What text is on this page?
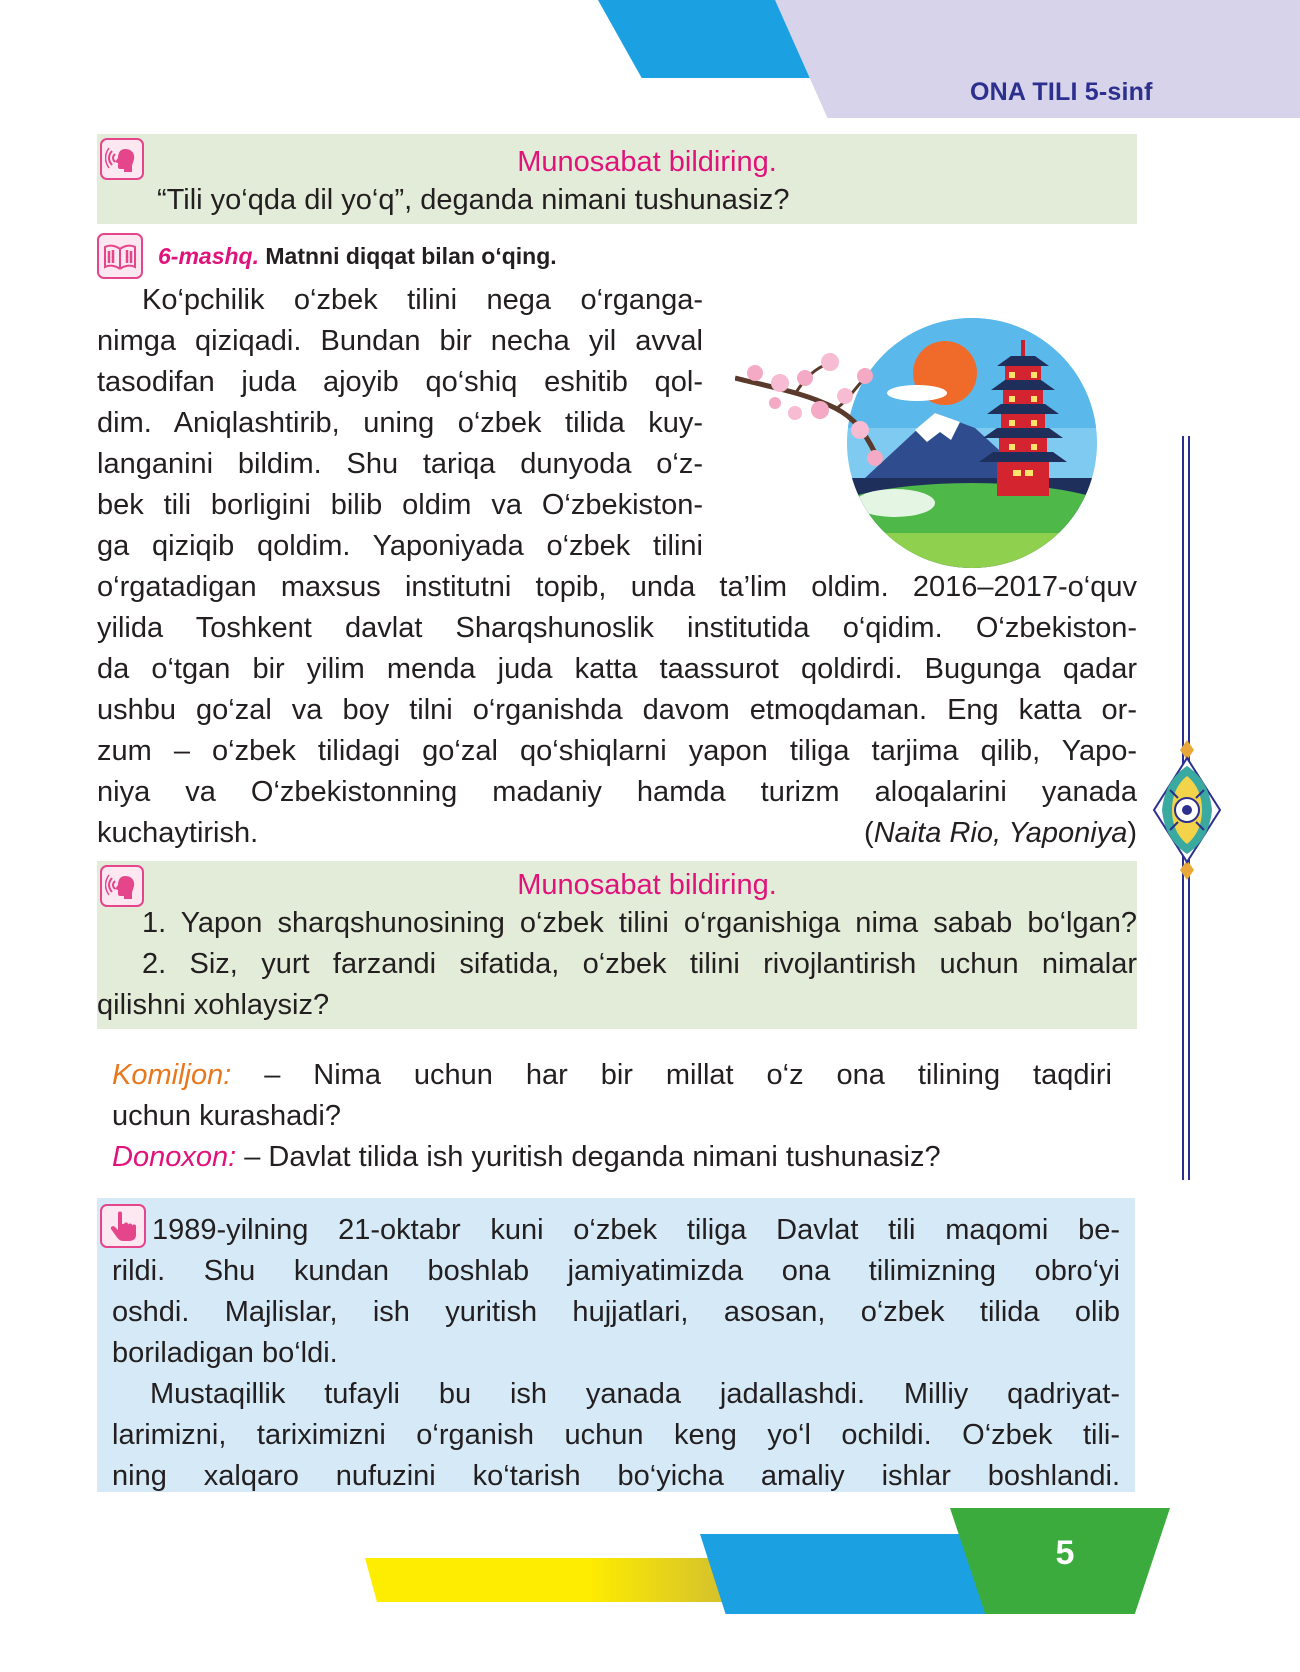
ONA TILI 5-sinf
Munosabat bildiring.
“Tili yo‘qda dil yo‘q”, deganda nimani tushunasiz?
6-mashq. Matnni diqqat bilan o‘qing.
Ko‘pchilik o‘zbek tilini nega o‘rganga-
nimga qiziqadi. Bundan bir necha yil avval
tasodifan juda ajoyib qo‘shiq eshitib qol-
dim. Aniqlashtirib, uning o‘zbek tilida kuy-
langanini bildim. Shu tariqa dunyoda o‘z-
bek tili borligini bilib oldim va O‘zbekiston-
ga qiziqib qoldim. Yaponiyada o‘zbek tilini
o‘rgatadigan maxsus institutni topib, unda ta’lim oldim. 2016–2017-o‘quv
yilida Toshkent davlat Sharqshunoslik institutida o‘qidim. O‘zbekiston-
da o‘tgan bir yilim menda juda katta taassurot qoldirdi. Bugunga qadar
ushbu go‘zal va boy tilni o‘rganishda davom etmoqdaman. Eng katta or-
zum – o‘zbek tilidagi go‘zal qo‘shiqlarni yapon tiliga tarjima qilib, Yapo-
niya va O‘zbekistonning madaniy hamda turizm aloqalarini yanada
kuchaytirish.	(Naita Rio, Yaponiya)
Munosabat bildiring.
1. Yapon sharqshunosining o‘zbek tilini o‘rganishiga nima sabab bo‘lgan?
2. Siz, yurt farzandi sifatida, o‘zbek tilini rivojlantirish uchun nimalar
qilishni xohlaysiz?
Komiljon: – Nima uchun har bir millat o‘z ona tilining taqdiri
uchun kurashadi?
Donoxon: – Davlat tilida ish yuritish deganda nimani tushunasiz?
1989-yilning 21-oktabr kuni o‘zbek tiliga Davlat tili maqomi be-
rildi. Shu kundan boshlab jamiyatimizda ona tilimizning obro‘yi
oshdi. Majlislar, ish yuritish hujjatlari, asosan, o‘zbek tilida olib
boriladigan bo‘ldi.
Mustaqillik tufayli bu ish yanada jadallashdi. Milliy qadriyat-
larimizni, tariximizni o‘rganish uchun keng yo‘l ochildi. O‘zbek tili-
ning xalqaro nufuzini ko‘tarish bo‘yicha amaliy ishlar boshlandi.
5
